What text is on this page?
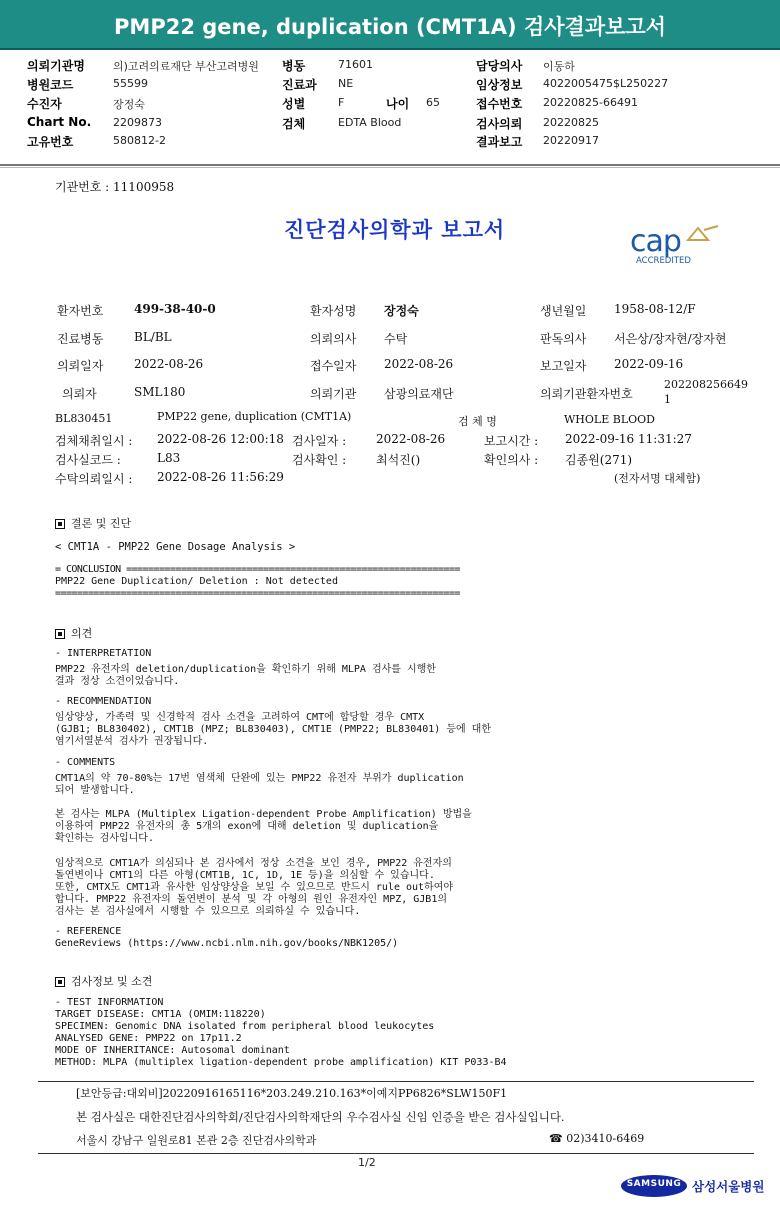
PMP22 gene, duplication (CMT1A) 검사결과보고서
의뢰기관명	의)고려의료재단 부산고려병원
병원코드	55599
수진자	장정숙
Chart No. 2209873
고유번호	580812-2
병동	71601
진료과 NE
성별	F	나이 65
검체	EDTA Blood
담당의사 이동하
임상정보 4022005475$L250227
접수번호 20220825-66491
검사의뢰 20220825
결과보고 20220917
기관번호 : 11100958
진단검사의학과 보고서	cap
ACCREDITED
환자번호	499-38-40-0	환자성명 장정숙	생년월일 1958-08-12/F
진료병동	BL/BL	의뢰의사 수탁	판독의사 서은상/장자현/장자현
의뢰일자	2022-08-26	접수일자 2022-08-26	보고일자 2022-09-16
의뢰자	SML180	의뢰기관 삼광의료재단	의뢰기관환자번호
202208256649
1
BL830451	PMP22 gene, duplication (CMT1A)	검 체 명	WHOLE BLOOD
검체채취일시 : 2022-08-26 12:00:18 검사일자 : 2022-08-26	보고시간 : 2022-09-16 11:31:27
검사실코드 :	L83	검사확인 : 최석진()	확인의사 : 김종원(271)
수탁의뢰일시 : 2022-08-26 11:56:29	(전자서명 대체함)
결론 및 진단
< CMT1A - PMP22 Gene Dosage Analysis >
= CONCLUSION =============================================================
PMP22 Gene Duplication/ Deletion : Not detected
==========================================================================
의견
- INTERPRETATION
PMP22 유전자의 deletion/duplication을 확인하기 위해 MLPA 검사를 시행한
결과 정상 소견이었습니다.
- RECOMMENDATION
임상양상, 가족력 및 신경학적 검사 소견을 고려하여 CMT에 합당할 경우 CMTX
(GJB1; BL830402), CMT1B (MPZ; BL830403), CMT1E (PMP22; BL830401) 등에 대한
염기서열분석 검사가 권장됩니다.
- COMMENTS
CMT1A의 약 70-80%는 17번 염색체 단완에 있는 PMP22 유전자 부위가 duplication
되어 발생합니다.
본 검사는 MLPA (Multiplex Ligation-dependent Probe Amplification) 방법을
이용하여 PMP22 유전자의 총 5개의 exon에 대해 deletion 및 duplication을
확인하는 검사입니다.
임상적으로 CMT1A가 의심되나 본 검사에서 정상 소견을 보인 경우, PMP22 유전자의
돌연변이나 CMT1의 다른 아형(CMT1B, 1C, 1D, 1E 등)을 의심할 수 있습니다.
또한, CMTX도 CMT1과 유사한 임상양상을 보일 수 있으므로 반드시 rule out하여야
합니다. PMP22 유전자의 돌연변이 분석 및 각 아형의 원인 유전자인 MPZ, GJB1의
검사는 본 검사실에서 시행할 수 있으므로 의뢰하실 수 있습니다.
- REFERENCE
GeneReviews (https://www.ncbi.nlm.nih.gov/books/NBK1205/)
검사정보 및 소견
- TEST INFORMATION
TARGET DISEASE: CMT1A (OMIM:118220)
SPECIMEN: Genomic DNA isolated from peripheral blood leukocytes
ANALYSED GENE: PMP22 on 17p11.2
MODE OF INHERITANCE: Autosomal dominant
METHOD: MLPA (multiplex ligation-dependent probe amplification) KIT P033-B4
[보안등급:대외비]20220916165116*203.249.210.163*이예지PP6826*SLW150F1
본 검사실은 대한진단검사의학회/진단검사의학재단의 우수검사실 신임 인증을 받은 검사실입니다.
서울시 강남구 일원로81 본관 2층 진단검사의학과	☎ 02)3410-6469
1/2
SAMSUNG 삼성서울병원
